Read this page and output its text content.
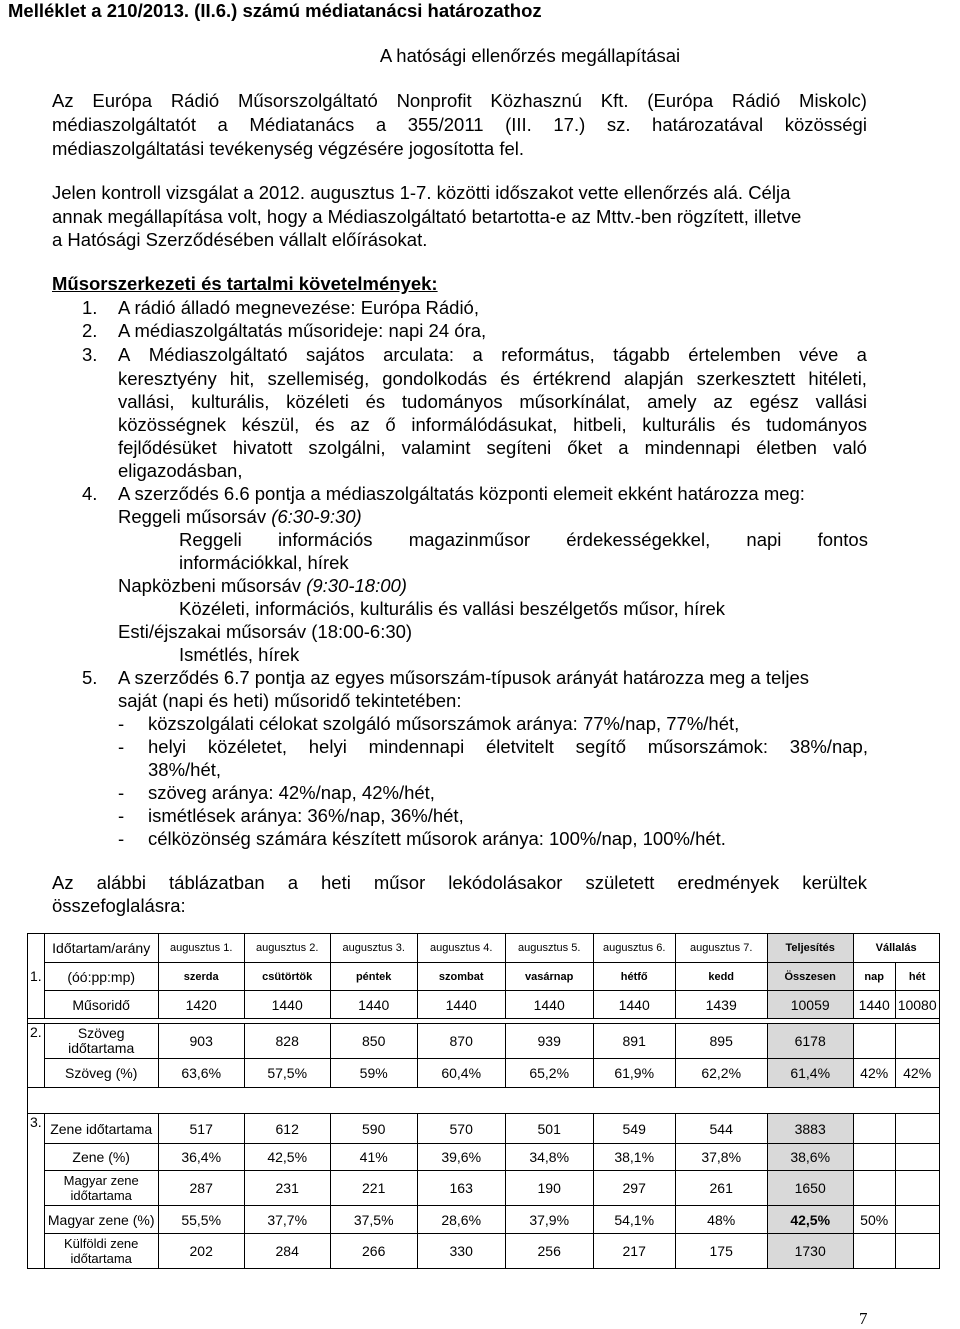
Melléklet a 210/2013. (II.6.) számú médiatanácsi határozathoz
A hatósági ellenőrzés megállapításai
Az Európa Rádió Műsorszolgáltató Nonprofit Közhasznú Kft. (Európa Rádió Miskolc)
médiaszolgáltatót a Médiatanács a 355/2011 (III. 17.) sz. határozatával közösségi
médiaszolgáltatási tevékenység végzésére jogosította fel.
Jelen kontroll vizsgálat a 2012. augusztus 1-7. közötti időszakot vette ellenőrzés alá. Célja
annak megállapítása volt, hogy a Médiaszolgáltató betartotta-e az Mttv.-ben rögzített, illetve
a Hatósági Szerződésében vállalt előírásokat.
Műsorszerkezeti és tartalmi követelmények:
1. A rádió álladó megnevezése: Európa Rádió,
2. A médiaszolgáltatás műsorideje: napi 24 óra,
3. A Médiaszolgáltató sajátos arculata: a református, tágabb értelemben véve a
keresztyény hit, szellemiség, gondolkodás és értékrend alapján szerkesztett hitéleti,
vallási, kulturális, közéleti és tudományos műsorkínálat, amely az egész vallási
közösségnek készül, és az ő informálódásukat, hitbeli, kulturális és tudományos
fejlődésüket hivatott szolgálni, valamint segíteni őket a mindennapi életben való
eligazodásban,
4. A szerződés 6.6 pontja a médiaszolgáltatás központi elemeit ekként határozza meg:
Reggeli műsorsáv (6:30-9:30)
Reggeli információs magazinműsor érdekességekkel, napi fontos
információkkal, hírek
Napközbeni műsorsáv (9:30-18:00)
Közéleti, információs, kulturális és vallási beszélgetős műsor, hírek
Esti/éjszakai műsorsáv (18:00-6:30)
Ismétlés, hírek
5. A szerződés 6.7 pontja az egyes műsorszám-típusok arányát határozza meg a teljes
saját (napi és heti) műsoridő tekintetében:
- közszolgálati célokat szolgáló műsorszámok aránya: 77%/nap, 77%/hét,
- helyi közéletet, helyi mindennapi életvitelt segítő műsorszámok: 38%/nap,
38%/hét,
- szöveg aránya: 42%/nap, 42%/hét,
- ismétlések aránya: 36%/nap, 36%/hét,
- célközönség számára készített műsorok aránya: 100%/nap, 100%/hét.
Az alábbi táblázatban a heti műsor lekódolásakor született eredmények kerültek
összefoglalásra:
1.	Időtartam/arány	augusztus 1.	augusztus 2.	augusztus 3.	augusztus 4.	augusztus 5.	augusztus 6.	augusztus 7.	Teljesítés	Vállalás	
	(óó:pp:mp)	szerda	csütörtök	péntek	szombat	vasárnap	hétfő	kedd	Összesen	nap	hét
	Műsoridő	1420	1440	1440	1440	1440	1440	1439	10059	1440	10080

2.	Szöveg
időtartama	903	828	850	870	939	891	895	6178		
	Szöveg (%)	63,6%	57,5%	59%	60,4%	65,2%	61,9%	62,2%	61,4%	42%	42%

3.	Zene időtartama	517	612	590	570	501	549	544	3883		
	Zene (%)	36,4%	42,5%	41%	39,6%	34,8%	38,1%	37,8%	38,6%		
	Magyar zene
időtartama	287	231	221	163	190	297	261	1650		
	Magyar zene (%)	55,5%	37,7%	37,5%	28,6%	37,9%	54,1%	48%	42,5%	50%	
	Külföldi zene
időtartama	202	284	266	330	256	217	175	1730		
7
